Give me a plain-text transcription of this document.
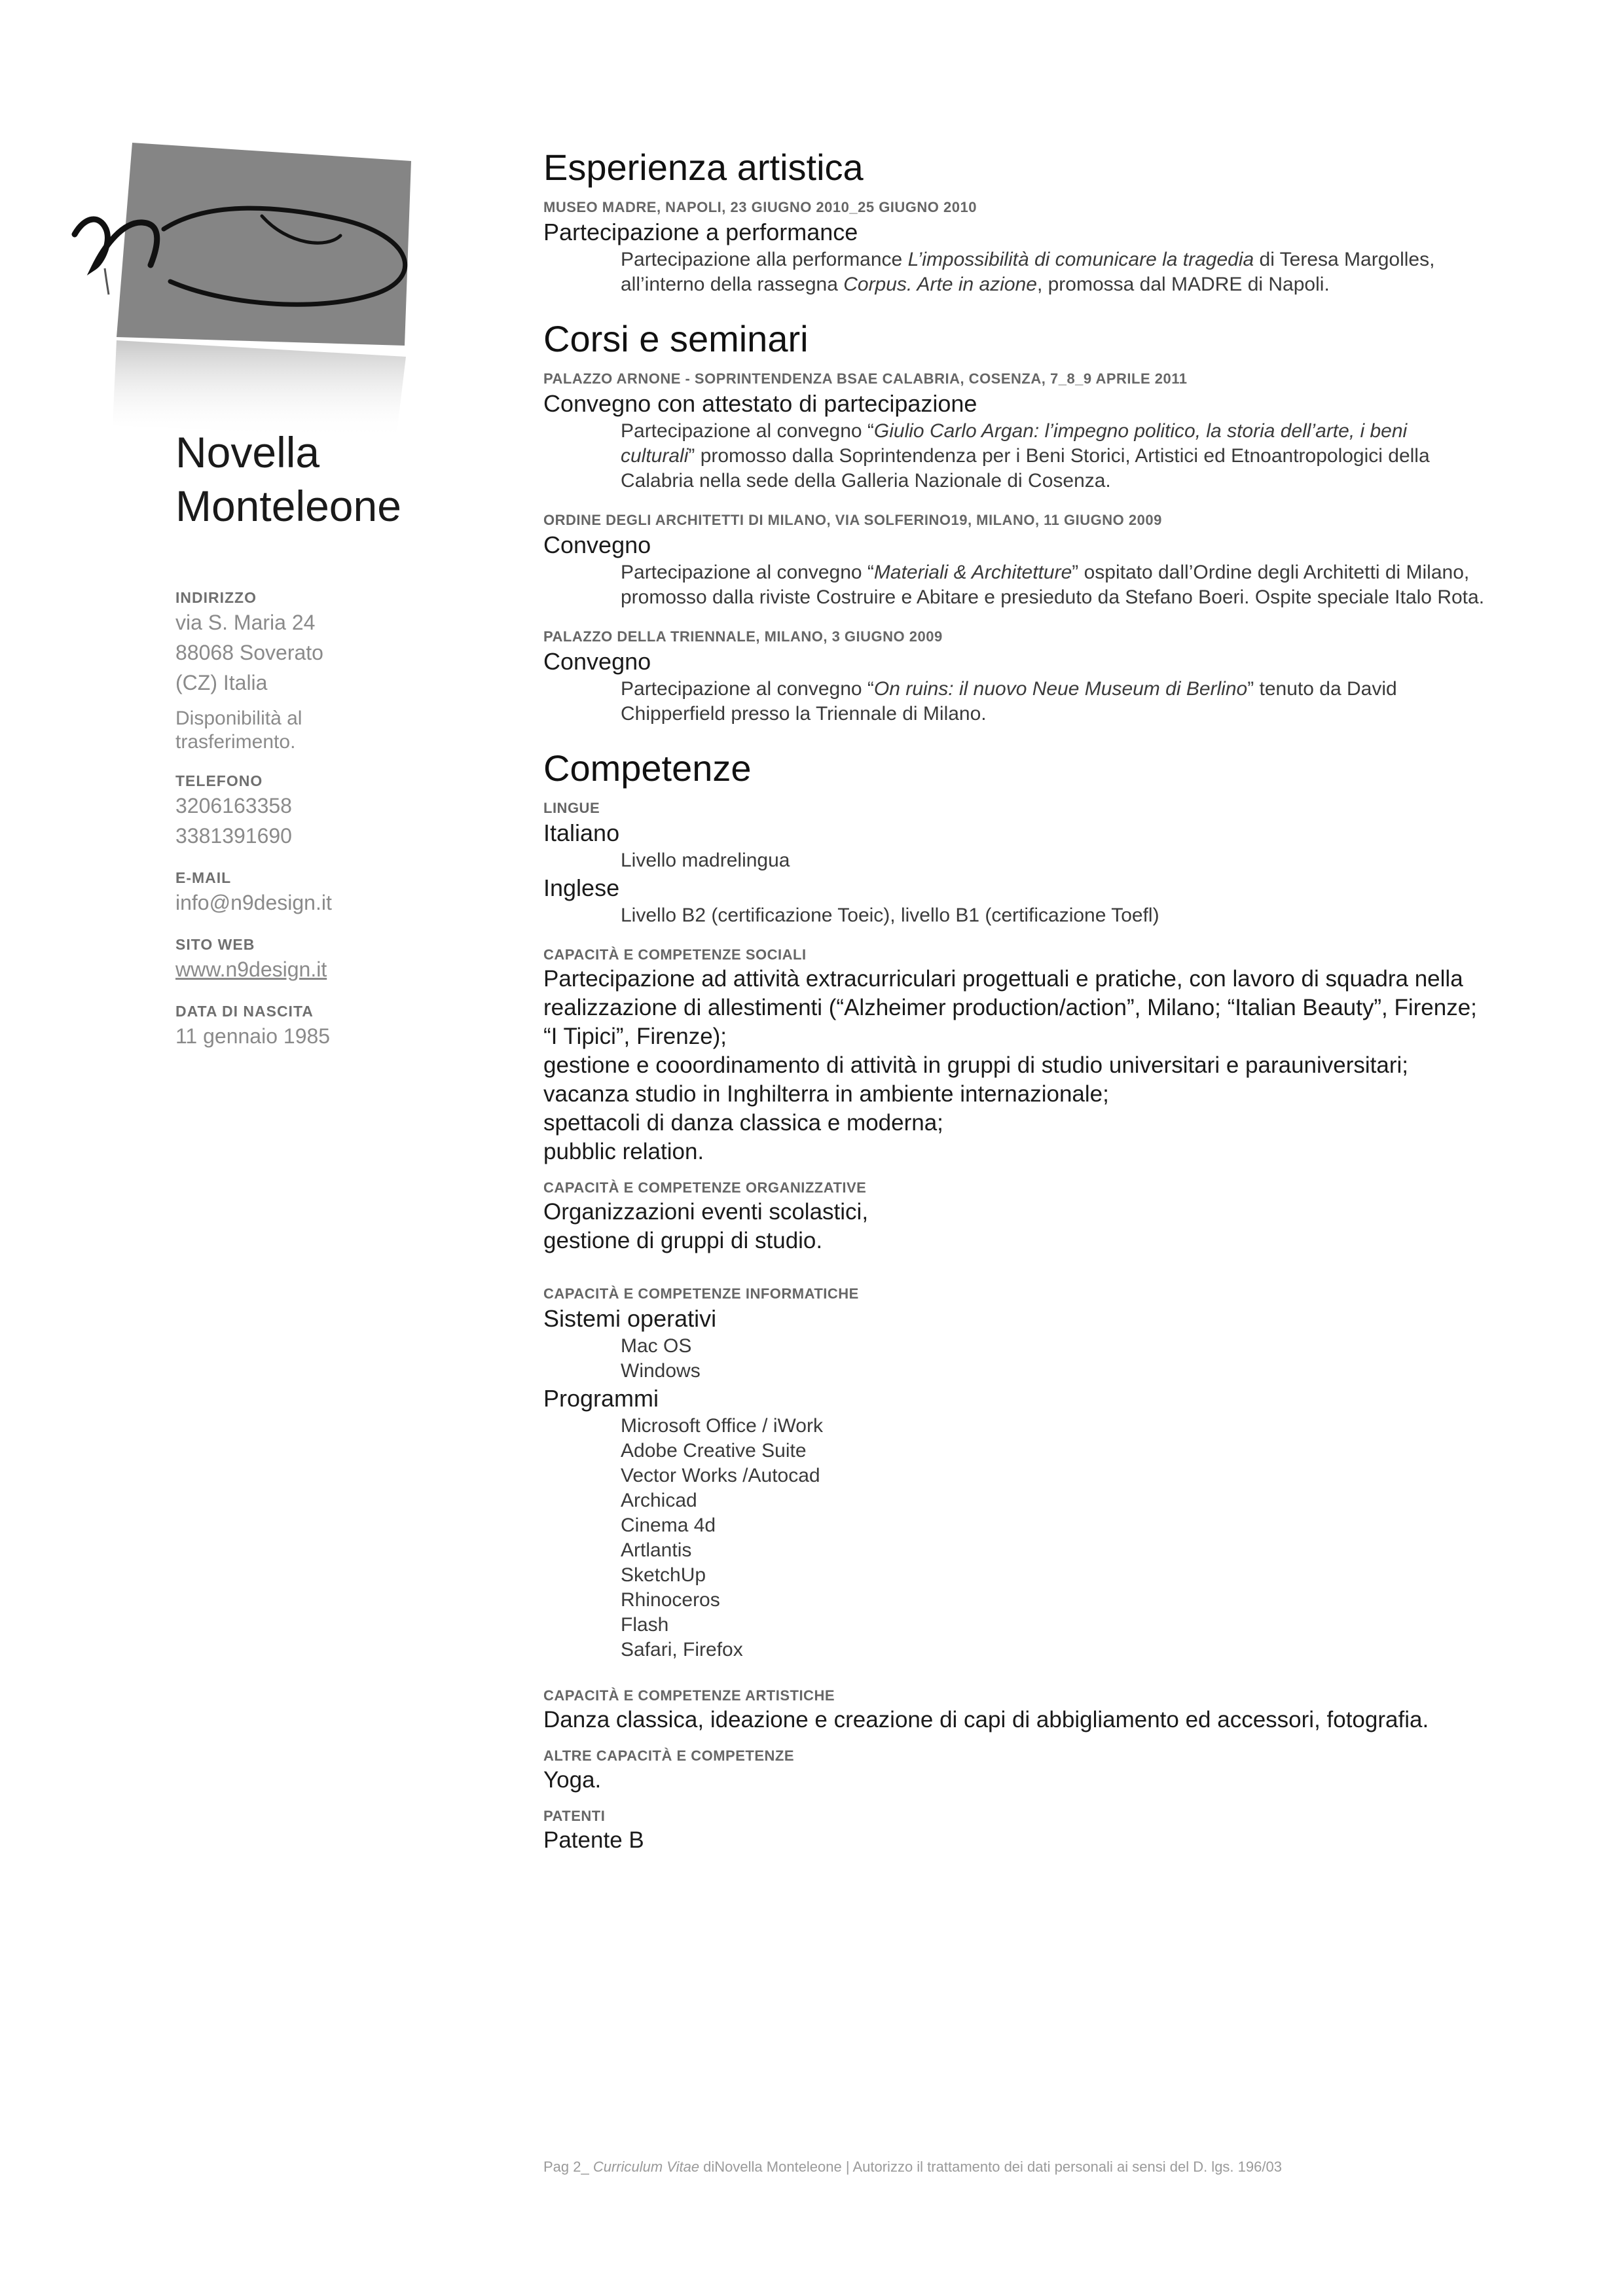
Novella
Monteleone
INDIRIZZO
via S. Maria 24
88068 Soverato
(CZ) Italia
Disponibilità al
trasferimento.
TELEFONO
3206163358
3381391690
E-MAIL
info@n9design.it
SITO WEB
www.n9design.it
DATA DI NASCITA
11 gennaio 1985
Esperienza artistica
MUSEO MADRE, NAPOLI, 23 GIUGNO 2010_25 GIUGNO 2010
Partecipazione a performance
Partecipazione alla performance L’impossibilità di comunicare la tragedia di Teresa Margolles, all’interno della rassegna Corpus. Arte in azione, promossa dal MADRE di Napoli.
Corsi e seminari
PALAZZO ARNONE - SOPRINTENDENZA BSAE CALABRIA, COSENZA, 7_8_9 APRILE 2011
Convegno con attestato di partecipazione
Partecipazione al convegno “Giulio Carlo Argan: l’impegno politico, la storia dell’arte, i beni culturali” promosso dalla Soprintendenza per i Beni Storici, Artistici ed Etnoantropologici della Calabria nella sede della Galleria Nazionale di Cosenza.
ORDINE DEGLI ARCHITETTI DI MILANO, VIA SOLFERINO19, MILANO, 11 GIUGNO 2009
Convegno
Partecipazione al convegno “Materiali & Architetture” ospitato dall’Ordine degli Architetti di Milano, promosso dalla riviste Costruire e Abitare e presieduto da Stefano Boeri. Ospite speciale Italo Rota.
PALAZZO DELLA TRIENNALE, MILANO, 3 GIUGNO 2009
Convegno
Partecipazione al convegno “On ruins: il nuovo Neue Museum di Berlino” tenuto da David Chipperfield presso la Triennale di Milano.
Competenze
LINGUE
Italiano
Livello madrelingua
Inglese
Livello B2 (certificazione Toeic), livello B1 (certificazione Toefl)
CAPACITÀ E COMPETENZE SOCIALI
Partecipazione ad attività extracurriculari progettuali e pratiche, con lavoro di squadra nella
realizzazione di allestimenti (“Alzheimer production/action”, Milano; “Italian Beauty”, Firenze;
“I Tipici”, Firenze);
gestione e cooordinamento di attività in gruppi di studio universitari e parauniversitari;
vacanza studio in Inghilterra in ambiente internazionale;
spettacoli di danza classica e moderna;
pubblic relation.
CAPACITÀ E COMPETENZE ORGANIZZATIVE
Organizzazioni eventi scolastici,
gestione di gruppi di studio.
CAPACITÀ E COMPETENZE INFORMATICHE
Sistemi operativi
Mac OS
Windows
Programmi
Microsoft Office / iWork
Adobe Creative Suite
Vector Works /Autocad
Archicad
Cinema 4d
Artlantis
SketchUp
Rhinoceros
Flash
Safari, Firefox
CAPACITÀ E COMPETENZE ARTISTICHE
Danza classica, ideazione e creazione di capi di abbigliamento ed accessori, fotografia.
ALTRE CAPACITÀ E COMPETENZE
Yoga.
PATENTI
Patente B
Pag 2_ Curriculum Vitae diNovella Monteleone | Autorizzo il trattamento dei dati personali ai sensi del D. lgs. 196/03
